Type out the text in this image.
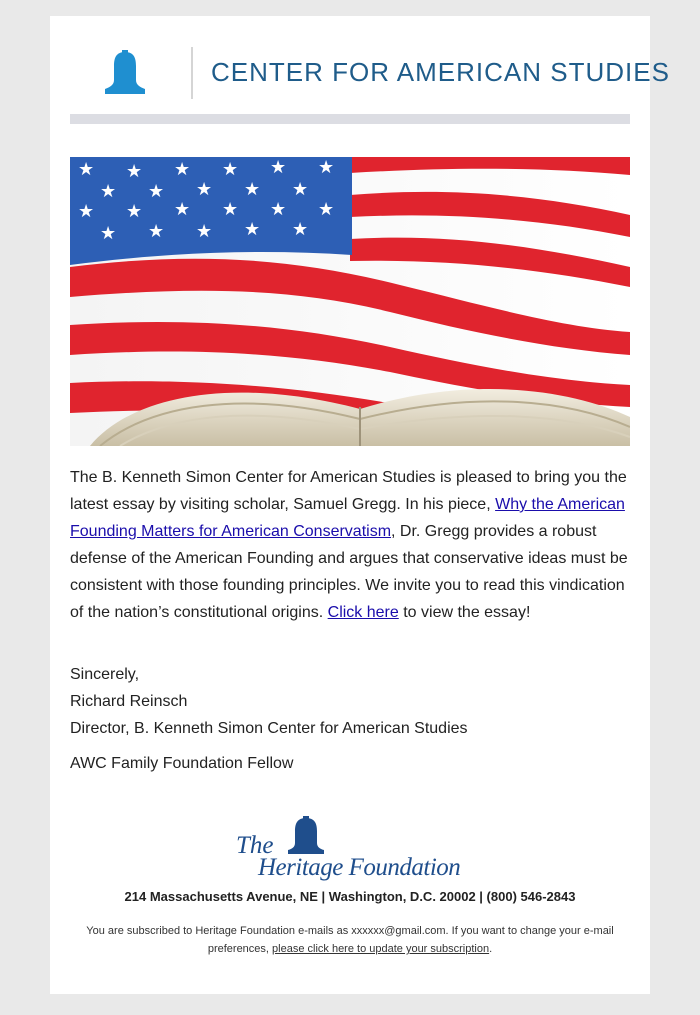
CENTER FOR AMERICAN STUDIES
★ ★ ★ ★ ★ ★
★ ★ ★ ★ ★
★ ★ ★ ★ ★ ★
★ ★ ★ ★ ★
The B. Kenneth Simon Center for American Studies is pleased to bring you the latest essay by visiting scholar, Samuel Gregg. In his piece, Why the American Founding Matters for American Conservatism, Dr. Gregg provides a robust defense of the American Founding and argues that conservative ideas must be consistent with those founding principles. We invite you to read this vindication of the nation’s constitutional origins. Click here to view the essay!
Sincerely,
Richard Reinsch
Director, B. Kenneth Simon Center for American Studies
AWC Family Foundation Fellow
The
Heritage Foundation
214 Massachusetts Avenue, NE | Washington, D.C. 20002 | (800) 546-2843
You are subscribed to Heritage Foundation e-mails as xxxxxx@gmail.com. If you want to change your e-mail preferences, please click here to update your subscription.
